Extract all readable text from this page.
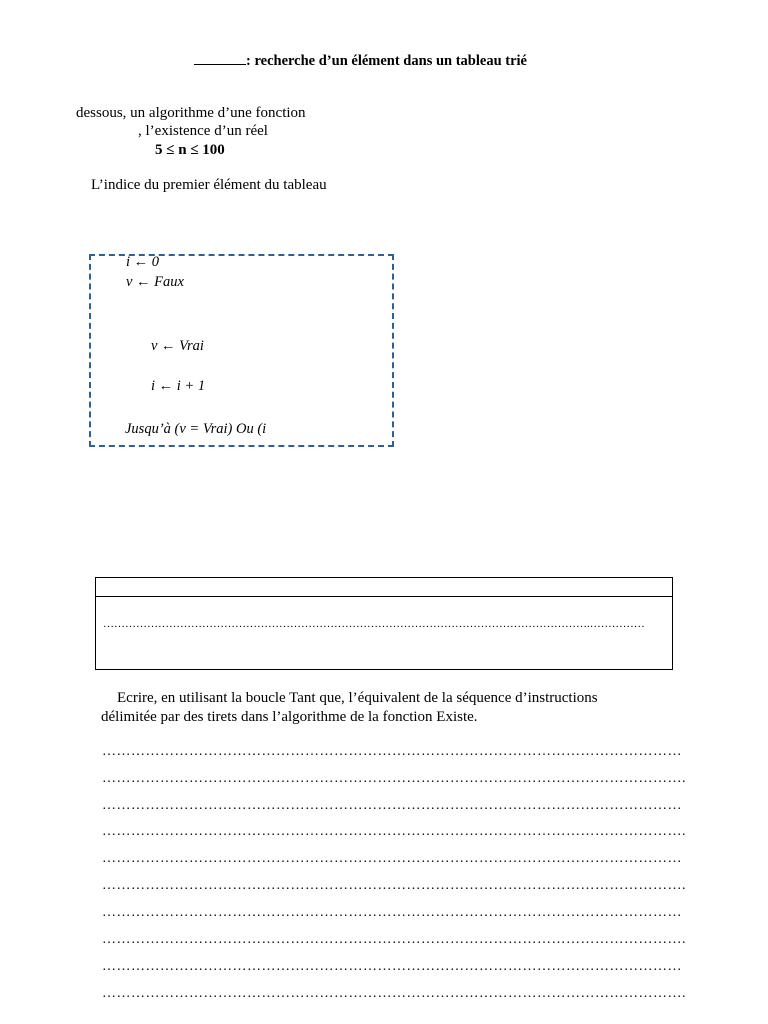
: recherche d’un élément dans un tableau trié
dessous, un algorithme d’une fonction
, l’existence d’un réel
5 ≤ n ≤ 100
L’indice du premier élément du tableau
i ← 0
v ← Faux
v ← Vrai
i ← i + 1
Jusqu’à (v = Vrai) Ou (i
…………………………………………………………………………………………………………………….……………
Ecrire, en utilisant la boucle Tant que, l’équivalent de la séquence d’instructions
délimitée par des tirets dans l’algorithme de la fonction Existe.
…………………………………………………………………………………………………………
………………………………………………………………………………………………………….
…………………………………………………………………………………………………………
………………………………………………………………………………………………………….
…………………………………………………………………………………………………………
………………………………………………………………………………………………………….
…………………………………………………………………………………………………………
………………………………………………………………………………………………………….
…………………………………………………………………………………………………………
………………………………………………………………………………………………………….
